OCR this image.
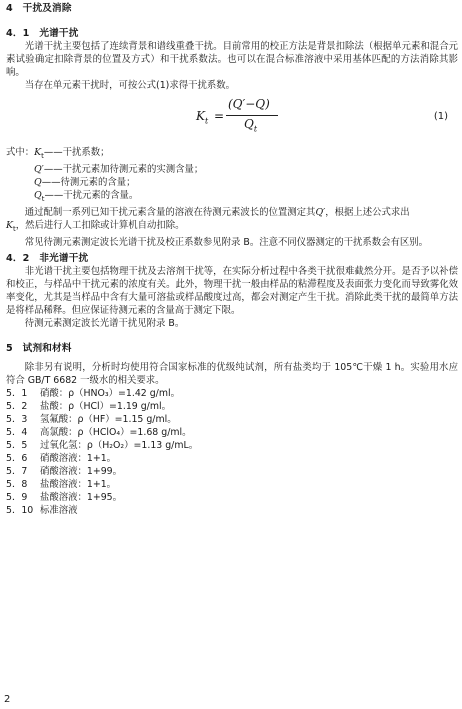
4　干扰及消除
4．1　光谱干扰
光谱干扰主要包括了连续背景和谱线重叠干扰。目前常用的校正方法是背景扣除法（根据单元素和混合元素试验确定扣除背景的位置及方式）和干扰系数法。也可以在混合标准溶液中采用基体匹配的方法消除其影响。
当存在单元素干扰时，可按公式(1)求得干扰系数。
$K_t$ =
(Q′−Q)
$Q_t$
(1)
式中：$K_t——$干扰系数；
Q′——干扰元素加待测元素的实测含量；
Q——待测元素的含量；
$Q_t——$干扰元素的含量。
通过配制一系列已知干扰元素含量的溶液在待测元素波长的位置测定其Q′，根据上述公式求出
$K_t$，然后进行人工扣除或计算机自动扣除。
常见待测元素测定波长光谱干扰及校正系数参见附录 B。注意不同仪器测定的干扰系数会有区别。
4．2　非光谱干扰
非光谱干扰主要包括物理干扰及去溶剂干扰等，在实际分析过程中各类干扰很难截然分开。是否予以补偿和校正，与样品中干扰元素的浓度有关。此外，物理干扰一般由样品的粘滞程度及表面张力变化而导致雾化效率变化，尤其是当样品中含有大量可溶盐或样品酸度过高，都会对测定产生干扰。消除此类干扰的最简单方法是将样品稀释。但应保证待测元素的含量高于测定下限。
待测元素测定波长光谱干扰见附录 B。
5　试剂和材料
除非另有说明，分析时均使用符合国家标准的优级纯试剂，所有盐类均于 105℃干燥 1 h。实验用水应符合 GB/T 6682 一级水的相关要求。
5．1 硝酸：ρ（HNO₃）=1.42 g/ml。
5．2 盐酸：ρ（HCl）=1.19 g/ml。
5．3 氢氟酸：ρ（HF）=1.15 g/ml。
5．4 高氯酸：ρ（HClO₄）=1.68 g/ml。
5．5 过氧化氢：ρ（H₂O₂）=1.13 g/mL。
5．6 硝酸溶液：1+1。
5．7 硝酸溶液：1+99。
5．8 盐酸溶液：1+1。
5．9 盐酸溶液：1+95。
5．10 标准溶液
2
